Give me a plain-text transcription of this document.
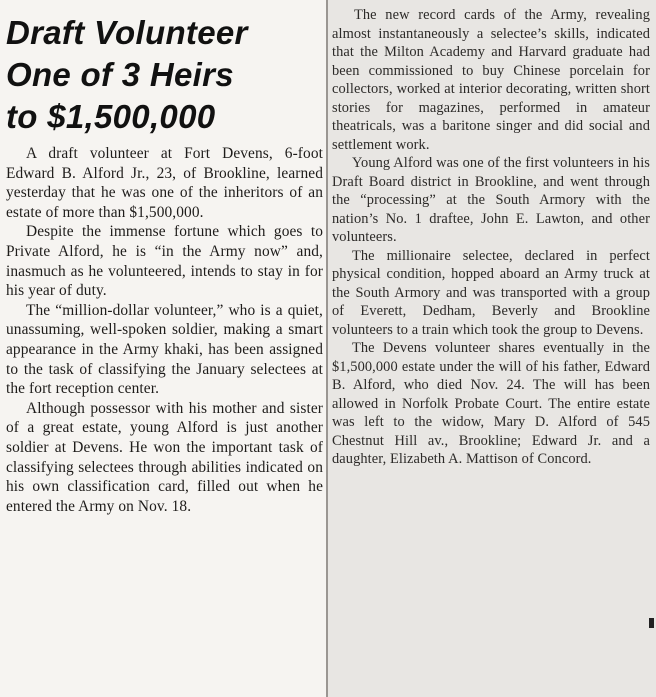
Draft Volunteer
One of 3 Heirs
to $1,500,000

A draft volunteer at Fort Devens, 6-foot Edward B. Alford Jr., 23, of Brookline, learned yesterday that he was one of the inheritors of an estate of more than $1,500,000.

Despite the immense fortune which goes to Private Alford, he is “in the Army now” and, inasmuch as he volunteered, intends to stay in for his year of duty.

The “million-dollar volunteer,” who is a quiet, unassuming, well-spoken soldier, making a smart appearance in the Army khaki, has been assigned to the task of classifying the January selectees at the fort reception center.

Although possessor with his mother and sister of a great estate, young Alford is just another soldier at Devens. He won the important task of classifying selectees through abilities indicated on his own classification card, filled out when he entered the Army on Nov. 18.

The new record cards of the Army, revealing almost instantaneously a selectee’s skills, indicated that the Milton Academy and Harvard graduate had been commissioned to buy Chinese porcelain for collectors, worked at interior decorating, written short stories for magazines, performed in amateur theatricals, was a baritone singer and did social and settlement work.

Young Alford was one of the first volunteers in his Draft Board district in Brookline, and went through the “processing” at the South Armory with the nation’s No. 1 draftee, John E. Lawton, and other volunteers.

The millionaire selectee, declared in perfect physical condition, hopped aboard an Army truck at the South Armory and was transported with a group of Everett, Dedham, Beverly and Brookline volunteers to a train which took the group to Devens.

The Devens volunteer shares eventually in the $1,500,000 estate under the will of his father, Edward B. Alford, who died Nov. 24. The will has been allowed in Norfolk Probate Court. The entire estate was left to the widow, Mary D. Alford of 545 Chestnut Hill av., Brookline; Edward Jr. and a daughter, Elizabeth A. Mattison of Concord.
